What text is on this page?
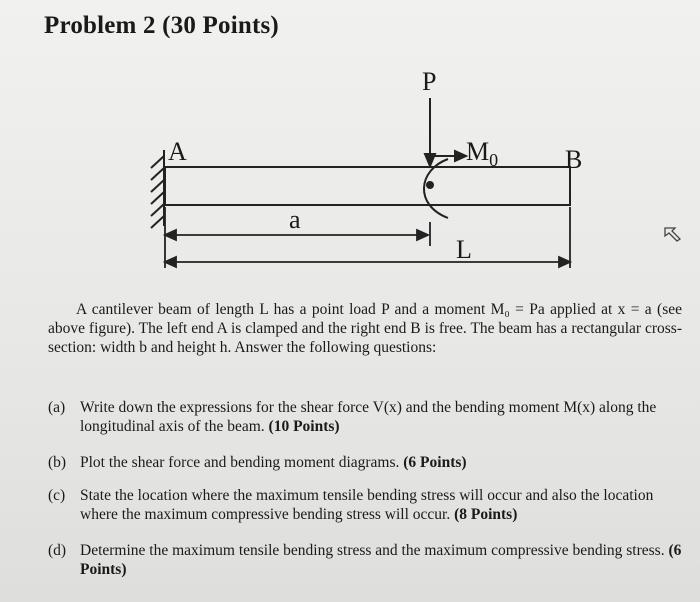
Problem 2 (30 Points)
P
$M_0$
A	B
a
L
A cantilever beam of length L has a point load P and a moment M₀ = Pa applied at x = a (see above figure). The left end A is clamped and the right end B is free. The beam has a rectangular cross-section: width b and height h. Answer the following questions:
(a) Write down the expressions for the shear force V(x) and the bending moment M(x) along the longitudinal axis of the beam. (10 Points)
(b) Plot the shear force and bending moment diagrams. (6 Points)
(c) State the location where the maximum tensile bending stress will occur and also the location where the maximum compressive bending stress will occur. (8 Points)
(d) Determine the maximum tensile bending stress and the maximum compressive bending stress. (6 Points)
